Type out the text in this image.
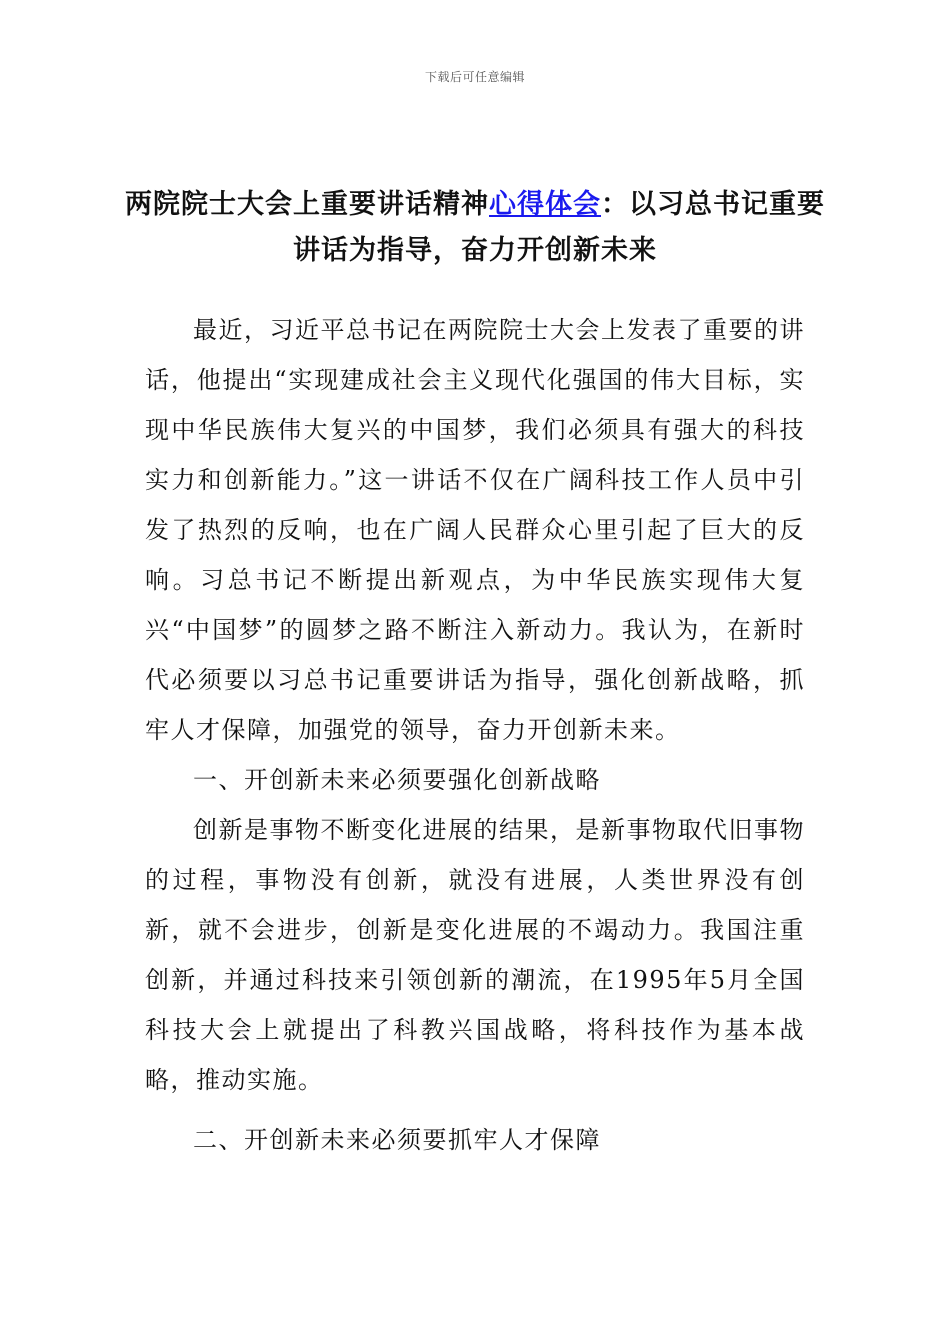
下载后可任意编辑
两院院士大会上重要讲话精神心得体会：以习总书记重要讲话为指导，奋力开创新未来

最近，习近平总书记在两院院士大会上发表了重要的讲话，他提出“实现建成社会主义现代化强国的伟大目标，实现中华民族伟大复兴的中国梦，我们必须具有强大的科技实力和创新能力。”这一讲话不仅在广阔科技工作人员中引发了热烈的反响，也在广阔人民群众心里引起了巨大的反响。习总书记不断提出新观点，为中华民族实现伟大复兴“中国梦”的圆梦之路不断注入新动力。我认为，在新时代必须要以习总书记重要讲话为指导，强化创新战略，抓牢人才保障，加强党的领导，奋力开创新未来。

一、开创新未来必须要强化创新战略

创新是事物不断变化进展的结果，是新事物取代旧事物的过程，事物没有创新，就没有进展，人类世界没有创新，就不会进步，创新是变化进展的不竭动力。我国注重创新，并通过科技来引领创新的潮流，在1995年5月全国科技大会上就提出了科教兴国战略，将科技作为基本战略，推动实施。

二、开创新未来必须要抓牢人才保障
